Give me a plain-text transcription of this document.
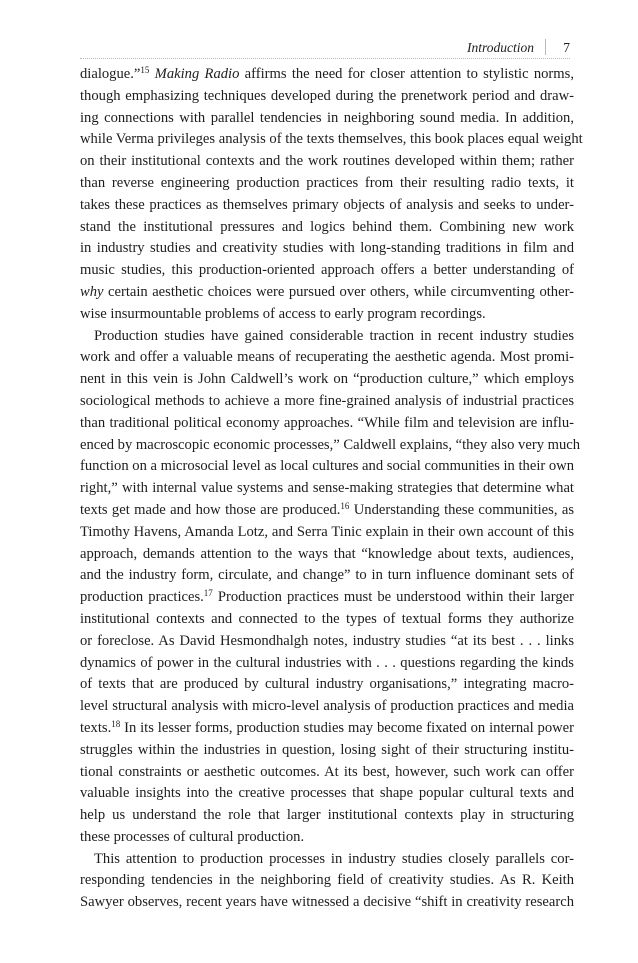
Introduction 7
dialogue.”$^{15}$ Making Radio affirms the need for closer attention to stylistic norms,
though emphasizing techniques developed during the prenetwork period and draw-
ing connections with parallel tendencies in neighboring sound media. In addition,
while Verma privileges analysis of the texts themselves, this book places equal weight
on their institutional contexts and the work routines developed within them; rather
than reverse engineering production practices from their resulting radio texts, it
takes these practices as themselves primary objects of analysis and seeks to under-
stand the institutional pressures and logics behind them. Combining new work
in industry studies and creativity studies with long-standing traditions in film and
music studies, this production-oriented approach offers a better understanding of
why certain aesthetic choices were pursued over others, while circumventing other-
wise insurmountable problems of access to early program recordings.
Production studies have gained considerable traction in recent industry studies
work and offer a valuable means of recuperating the aesthetic agenda. Most promi-
nent in this vein is John Caldwell’s work on “production culture,” which employs
sociological methods to achieve a more fine-grained analysis of industrial practices
than traditional political economy approaches. “While film and television are influ-
enced by macroscopic economic processes,” Caldwell explains, “they also very much
function on a microsocial level as local cultures and social communities in their own
right,” with internal value systems and sense-making strategies that determine what
texts get made and how those are produced.$^{16}$ Understanding these communities, as
Timothy Havens, Amanda Lotz, and Serra Tinic explain in their own account of this
approach, demands attention to the ways that “knowledge about texts, audiences,
and the industry form, circulate, and change” to in turn influence dominant sets of
production practices.$^{17}$ Production practices must be understood within their larger
institutional contexts and connected to the types of textual forms they authorize
or foreclose. As David Hesmondhalgh notes, industry studies “at its best . . . links
dynamics of power in the cultural industries with . . . questions regarding the kinds
of texts that are produced by cultural industry organisations,” integrating macro-
level structural analysis with micro-level analysis of production practices and media
texts.$^{18}$ In its lesser forms, production studies may become fixated on internal power
struggles within the industries in question, losing sight of their structuring institu-
tional constraints or aesthetic outcomes. At its best, however, such work can offer
valuable insights into the creative processes that shape popular cultural texts and
help us understand the role that larger institutional contexts play in structuring
these processes of cultural production.
This attention to production processes in industry studies closely parallels cor-
responding tendencies in the neighboring field of creativity studies. As R. Keith
Sawyer observes, recent years have witnessed a decisive “shift in creativity research
